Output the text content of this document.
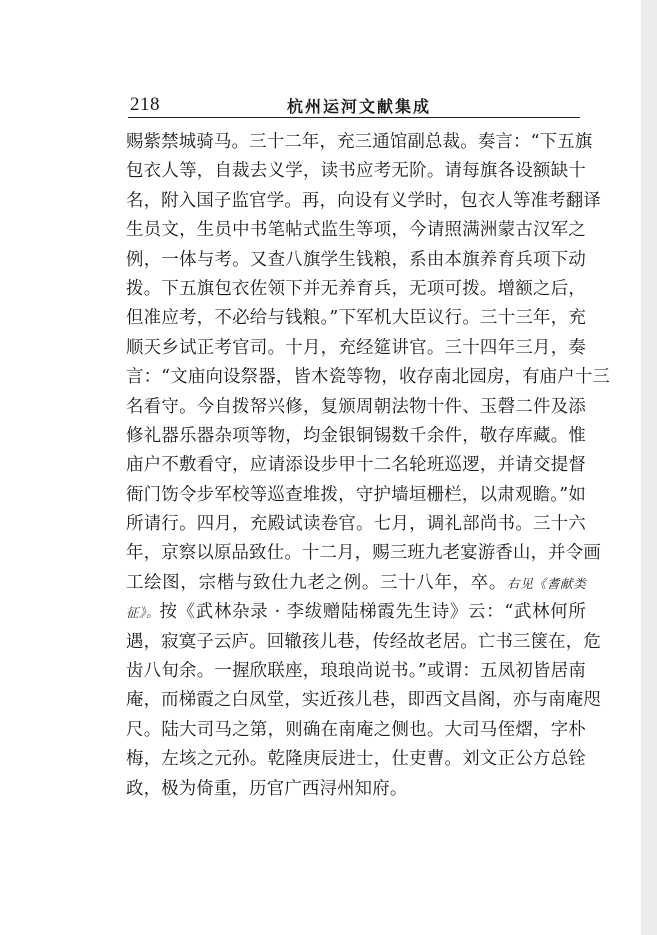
218	杭州运河文献集成
赐紫禁城骑马。三十二年，充三通馆副总裁。奏言：“下五旗
包衣人等，自裁去义学，读书应考无阶。请每旗各设额缺十
名，附入国子监官学。再，向设有义学时，包衣人等准考翻译
生员文，生员中书笔帖式监生等项，今请照满洲蒙古汉军之
例，一体与考。又查八旗学生钱粮，系由本旗养育兵项下动
拨。下五旗包衣佐领下并无养育兵，无项可拨。增额之后，
但准应考，不必给与钱粮。”下军机大臣议行。三十三年，充
顺天乡试正考官司。十月，充经筵讲官。三十四年三月，奏
言：“文庙向设祭器，皆木瓷等物，收存南北园房，有庙户十三
名看守。今自拨帑兴修，复颁周朝法物十件、玉磬二件及添
修礼器乐器杂项等物，均金银铜锡数千余件，敬存库藏。惟
庙户不敷看守，应请添设步甲十二名轮班巡逻，并请交提督
衙门饬令步军校等巡查堆拨，守护墙垣栅栏，以肃观瞻。”如
所请行。四月，充殿试读卷官。七月，调礼部尚书。三十六
年，京察以原品致仕。十二月，赐三班九老宴游香山，并令画
工绘图，宗楷与致仕九老之例。三十八年，卒。右见《耆献类
征》。按《武林杂录 · 李绂赠陆梯霞先生诗》云：“武林何所
遇，寂寞子云庐。回辙孩儿巷，传经故老居。亡书三箧在，危
齿八旬余。一握欣联座，琅琅尚说书。”或谓：五凤初皆居南
庵，而梯霞之白凤堂，实近孩儿巷，即西文昌阁，亦与南庵咫
尺。陆大司马之第，则确在南庵之侧也。大司马侄熠，字朴
梅，左垓之元孙。乾隆庚辰进士，仕吏曹。刘文正公方总铨
政，极为倚重，历官广西浔州知府。
